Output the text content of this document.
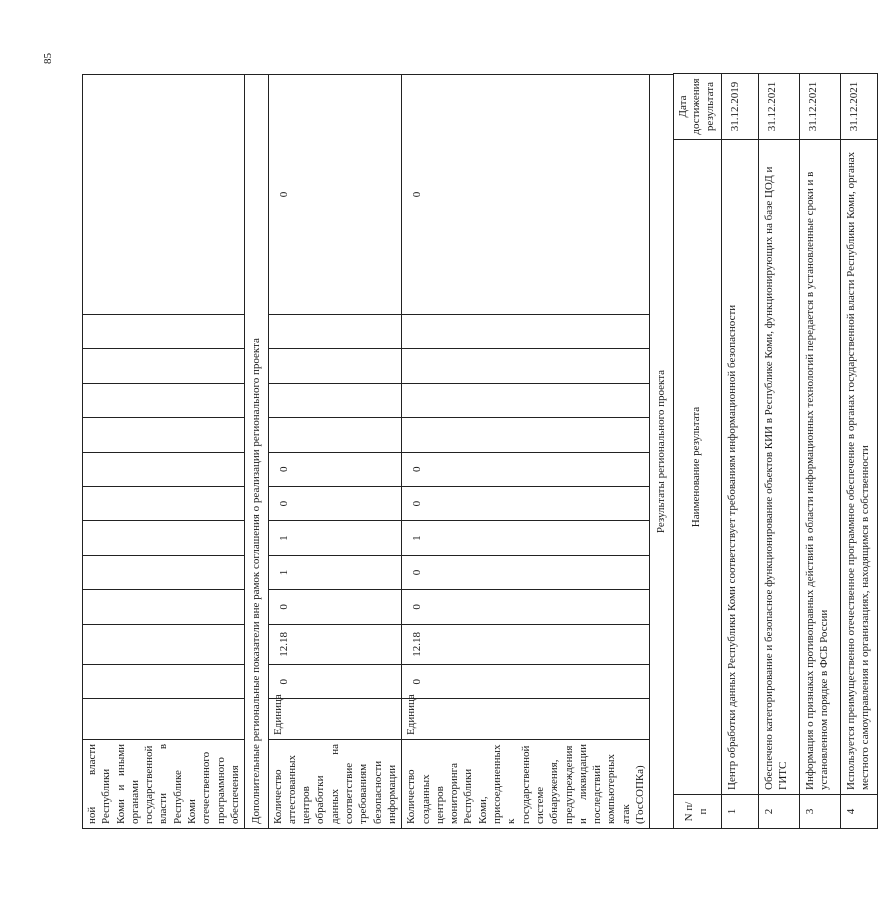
85
ной власти Республики Коми и иными органами государственной власти в Республике Коми отечественного программного обеспечения													
Дополнительные региональные показатели вне рамок соглашения о реализации регионального проекта													
Количество аттестованных центров обработки данных на соответствие требованиям безопасности информации	Единица	0	12.18	0	1	1	0	0					0
Количество созданных центров мониторинга Республики Коми, присоединенных к государственной системе обнаружения, предупреждения и ликвидации последствий компьютерных атак (ГосСОПКа)	Единица	0	12.18	0	0	1	0	0					0
Результаты регионального проекта													
N п/п	Наименование результата	Дата достижения результата
1	Центр обработки данных Республики Коми соответствует требованиям информационной безопасности	31.12.2019
2	Обеспечено категорирование и безопасное функционирование объектов КИИ в Республике Коми, функционирующих на базе ЦОД и ГИТС	31.12.2021
3	Информация о признаках противоправных действий в области информационных технологий передается в установленные сроки и в установленном порядке в ФСБ России	31.12.2021
4	Используется преимущественно отечественное программное обеспечение в органах государственной власти Республики Коми, органах местного самоуправления и организациях, находящимся в собственности	31.12.2021
